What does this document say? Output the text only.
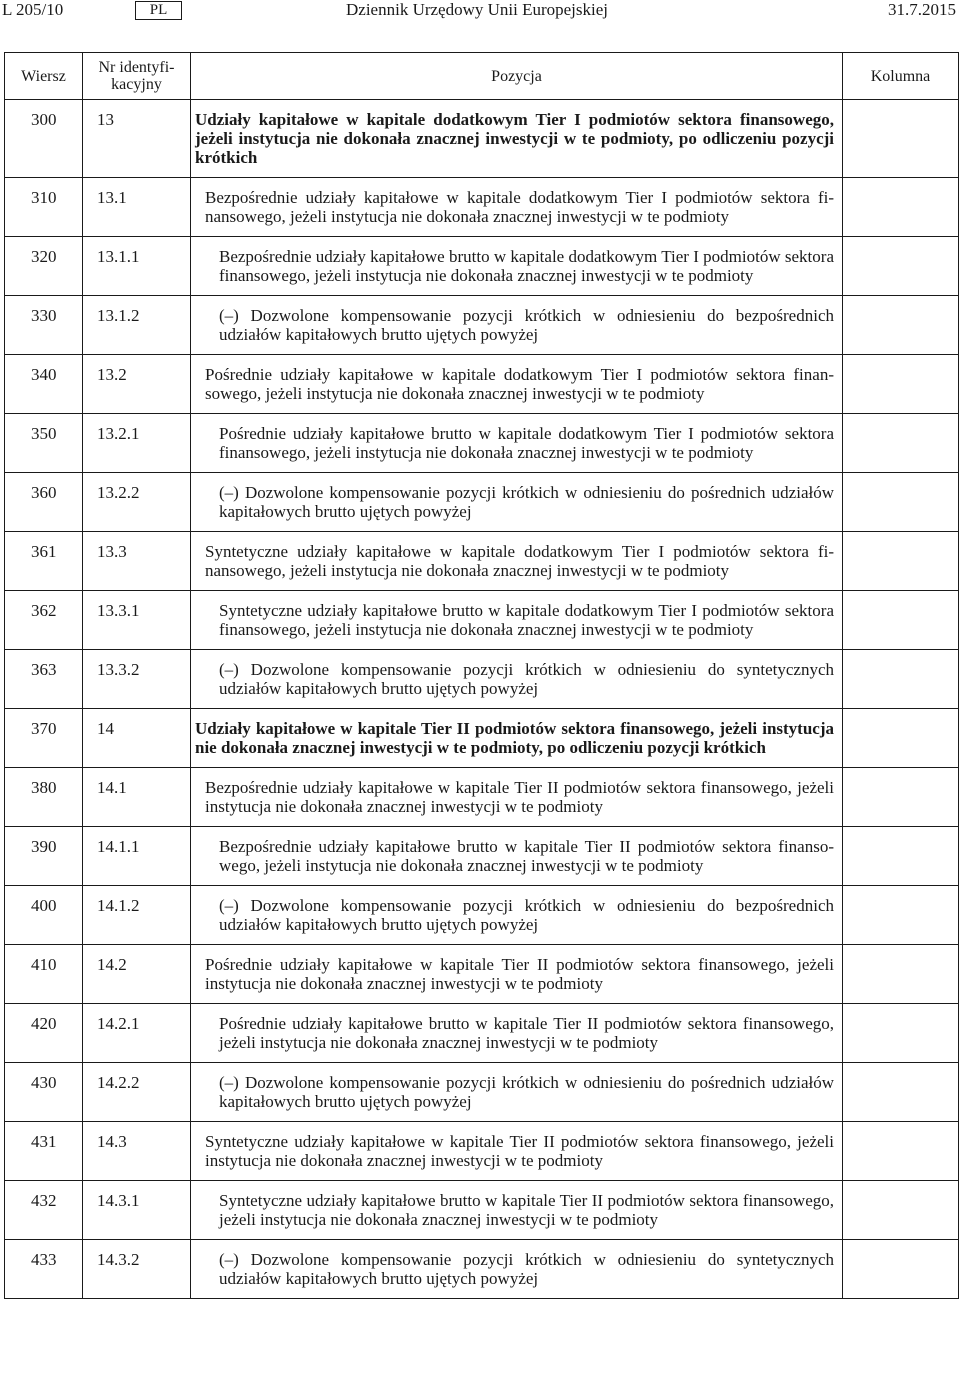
L 205/10	PL	Dziennik Urzędowy Unii Europejskiej	31.7.2015
Wiersz	Nr identyfi-
kacyjny	Pozycja	Kolumna
300	13	Udziały kapitałowe w kapitale dodatkowym Tier I podmiotów sektora finansowego, jeżeli instytucja nie dokonała znacznej inwestycji w te podmioty, po odliczeniu pozycji krótkich	
310	13.1	Bezpośrednie udziały kapitałowe w kapitale dodatkowym Tier I podmiotów sektora finansowego, jeżeli instytucja nie dokonała znacznej inwestycji w te podmioty	
320	13.1.1	Bezpośrednie udziały kapitałowe brutto w kapitale dodatkowym Tier I podmiotów sektora finansowego, jeżeli instytucja nie dokonała znacznej inwestycji w te podmioty	
330	13.1.2	(–) Dozwolone kompensowanie pozycji krótkich w odniesieniu do bezpośrednich udziałów kapitałowych brutto ujętych powyżej	
340	13.2	Pośrednie udziały kapitałowe w kapitale dodatkowym Tier I podmiotów sektora finansowego, jeżeli instytucja nie dokonała znacznej inwestycji w te podmioty	
350	13.2.1	Pośrednie udziały kapitałowe brutto w kapitale dodatkowym Tier I podmiotów sektora finansowego, jeżeli instytucja nie dokonała znacznej inwestycji w te podmioty	
360	13.2.2	(–) Dozwolone kompensowanie pozycji krótkich w odniesieniu do pośrednich udziałów kapitałowych brutto ujętych powyżej	
361	13.3	Syntetyczne udziały kapitałowe w kapitale dodatkowym Tier I podmiotów sektora finansowego, jeżeli instytucja nie dokonała znacznej inwestycji w te podmioty	
362	13.3.1	Syntetyczne udziały kapitałowe brutto w kapitale dodatkowym Tier I podmiotów sektora finansowego, jeżeli instytucja nie dokonała znacznej inwestycji w te podmioty	
363	13.3.2	(–) Dozwolone kompensowanie pozycji krótkich w odniesieniu do syntetycznych udziałów kapitałowych brutto ujętych powyżej	
370	14	Udziały kapitałowe w kapitale Tier II podmiotów sektora finansowego, jeżeli instytucja nie dokonała znacznej inwestycji w te podmioty, po odliczeniu pozycji krótkich	
380	14.1	Bezpośrednie udziały kapitałowe w kapitale Tier II podmiotów sektora finansowego, jeżeli instytucja nie dokonała znacznej inwestycji w te podmioty	
390	14.1.1	Bezpośrednie udziały kapitałowe brutto w kapitale Tier II podmiotów sektora finansowego, jeżeli instytucja nie dokonała znacznej inwestycji w te podmioty	
400	14.1.2	(–) Dozwolone kompensowanie pozycji krótkich w odniesieniu do bezpośrednich udziałów kapitałowych brutto ujętych powyżej	
410	14.2	Pośrednie udziały kapitałowe w kapitale Tier II podmiotów sektora finansowego, jeżeli instytucja nie dokonała znacznej inwestycji w te podmioty	
420	14.2.1	Pośrednie udziały kapitałowe brutto w kapitale Tier II podmiotów sektora finansowego, jeżeli instytucja nie dokonała znacznej inwestycji w te podmioty	
430	14.2.2	(–) Dozwolone kompensowanie pozycji krótkich w odniesieniu do pośrednich udziałów kapitałowych brutto ujętych powyżej	
431	14.3	Syntetyczne udziały kapitałowe w kapitale Tier II podmiotów sektora finansowego, jeżeli instytucja nie dokonała znacznej inwestycji w te podmioty	
432	14.3.1	Syntetyczne udziały kapitałowe brutto w kapitale Tier II podmiotów sektora finansowego, jeżeli instytucja nie dokonała znacznej inwestycji w te podmioty	
433	14.3.2	(–) Dozwolone kompensowanie pozycji krótkich w odniesieniu do syntetycznych udziałów kapitałowych brutto ujętych powyżej	
